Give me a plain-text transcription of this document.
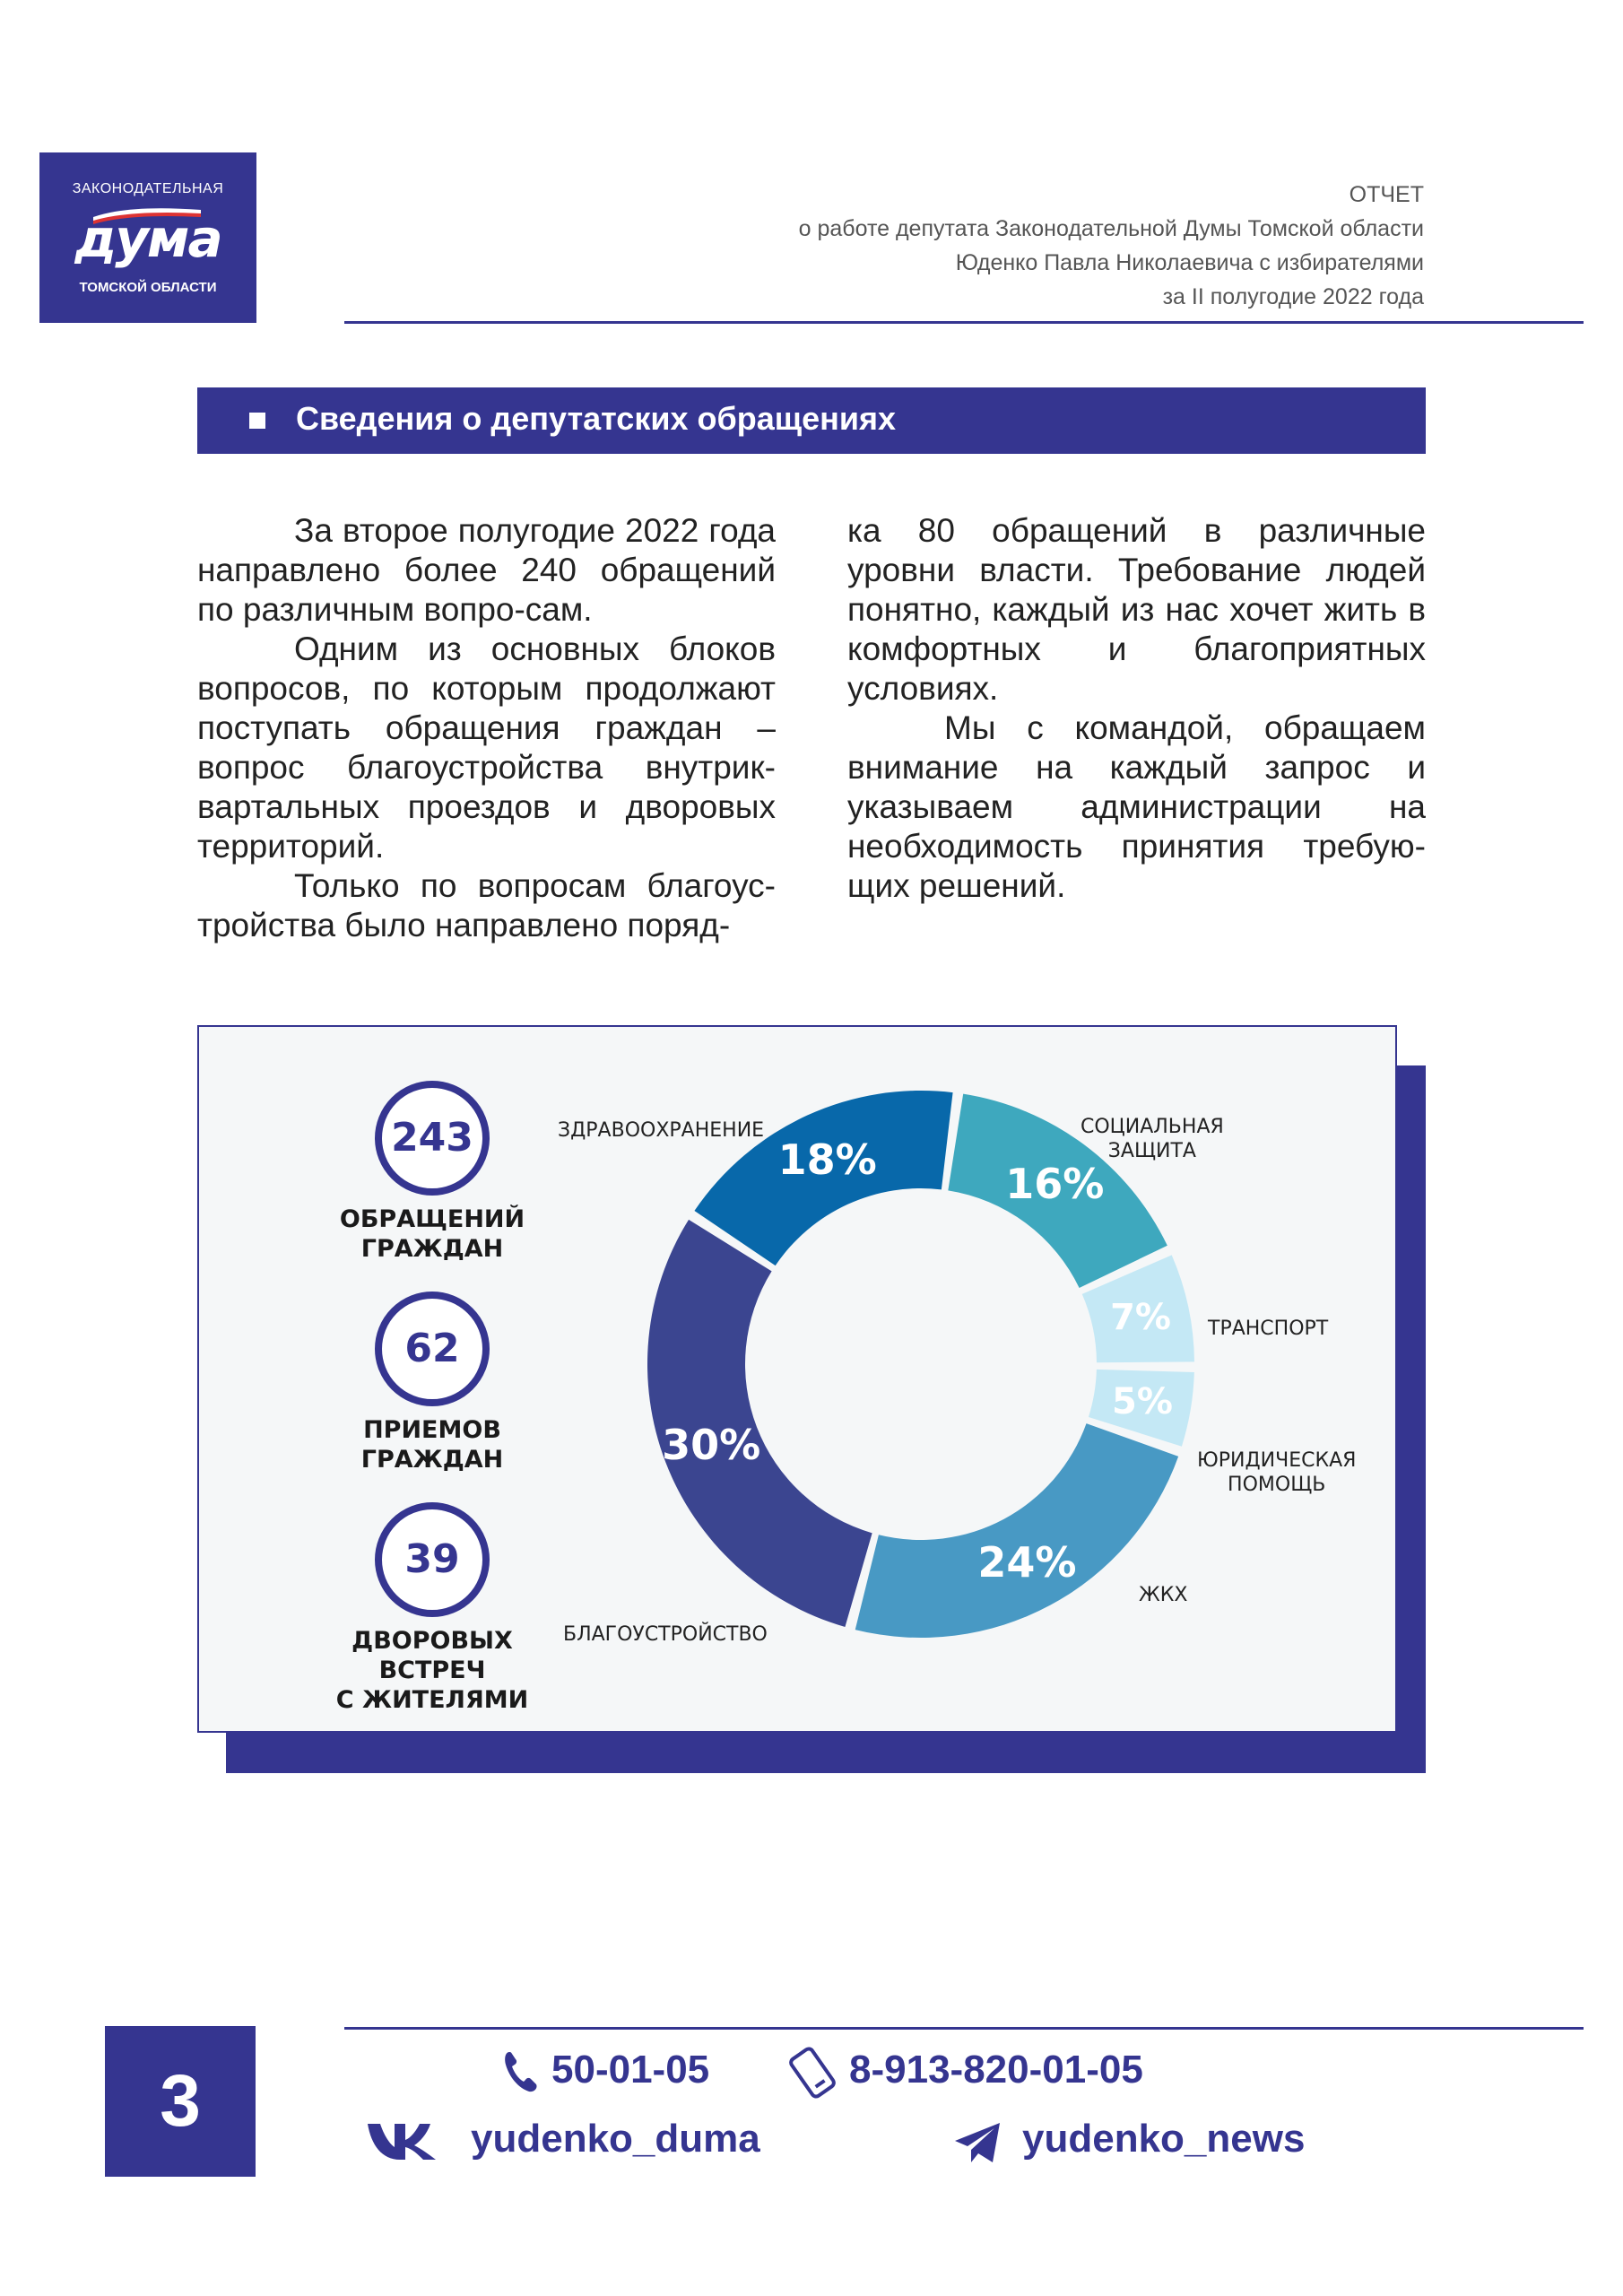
ЗАКОНОДАТЕЛЬНАЯ
дума
ТОМСКОЙ ОБЛАСТИ
ОТЧЕТ
о работе депутата Законодательной Думы Томской области
Юденко Павла Николаевича с избирателями
за II полугодие 2022 года
Сведения о депутатских обращениях

За второе полугодие 2022 года направлено более 240 обращений по различным вопро-сам.

Одним из основных блоков вопросов, по которым продолжают поступать обращения граждан – вопрос благоустройства внутрик-вартальных проездов и дворовых территорий.

Только по вопросам благоус-тройства было направлено поряд-

ка 80 обращений в различные уровни власти. Требование людей понятно, каждый из нас хочет жить в комфортных и благоприятных условиях.

Мы с командой, обращаем внимание на каждый запрос и указываем администрации на необходимость принятия требую-щих решений.

243
ОБРАЩЕНИЙ
ГРАЖДАН
62
ПРИЕМОВ
ГРАЖДАН
39
ДВОРОВЫХ ВСТРЕЧ
С ЖИТЕЛЯМИ
18%	16%
7%
5%
24%
30%
ЗДРАВООХРАНЕНИЕ	СОЦИАЛЬНАЯ
ЗАЩИТА
ТРАНСПОРТ
ЮРИДИЧЕСКАЯ
ПОМОЩЬ
ЖКХ
БЛАГОУСТРОЙСТВО
3	50-01-05	8-913-820-01-05
yudenko_duma	yudenko_news
